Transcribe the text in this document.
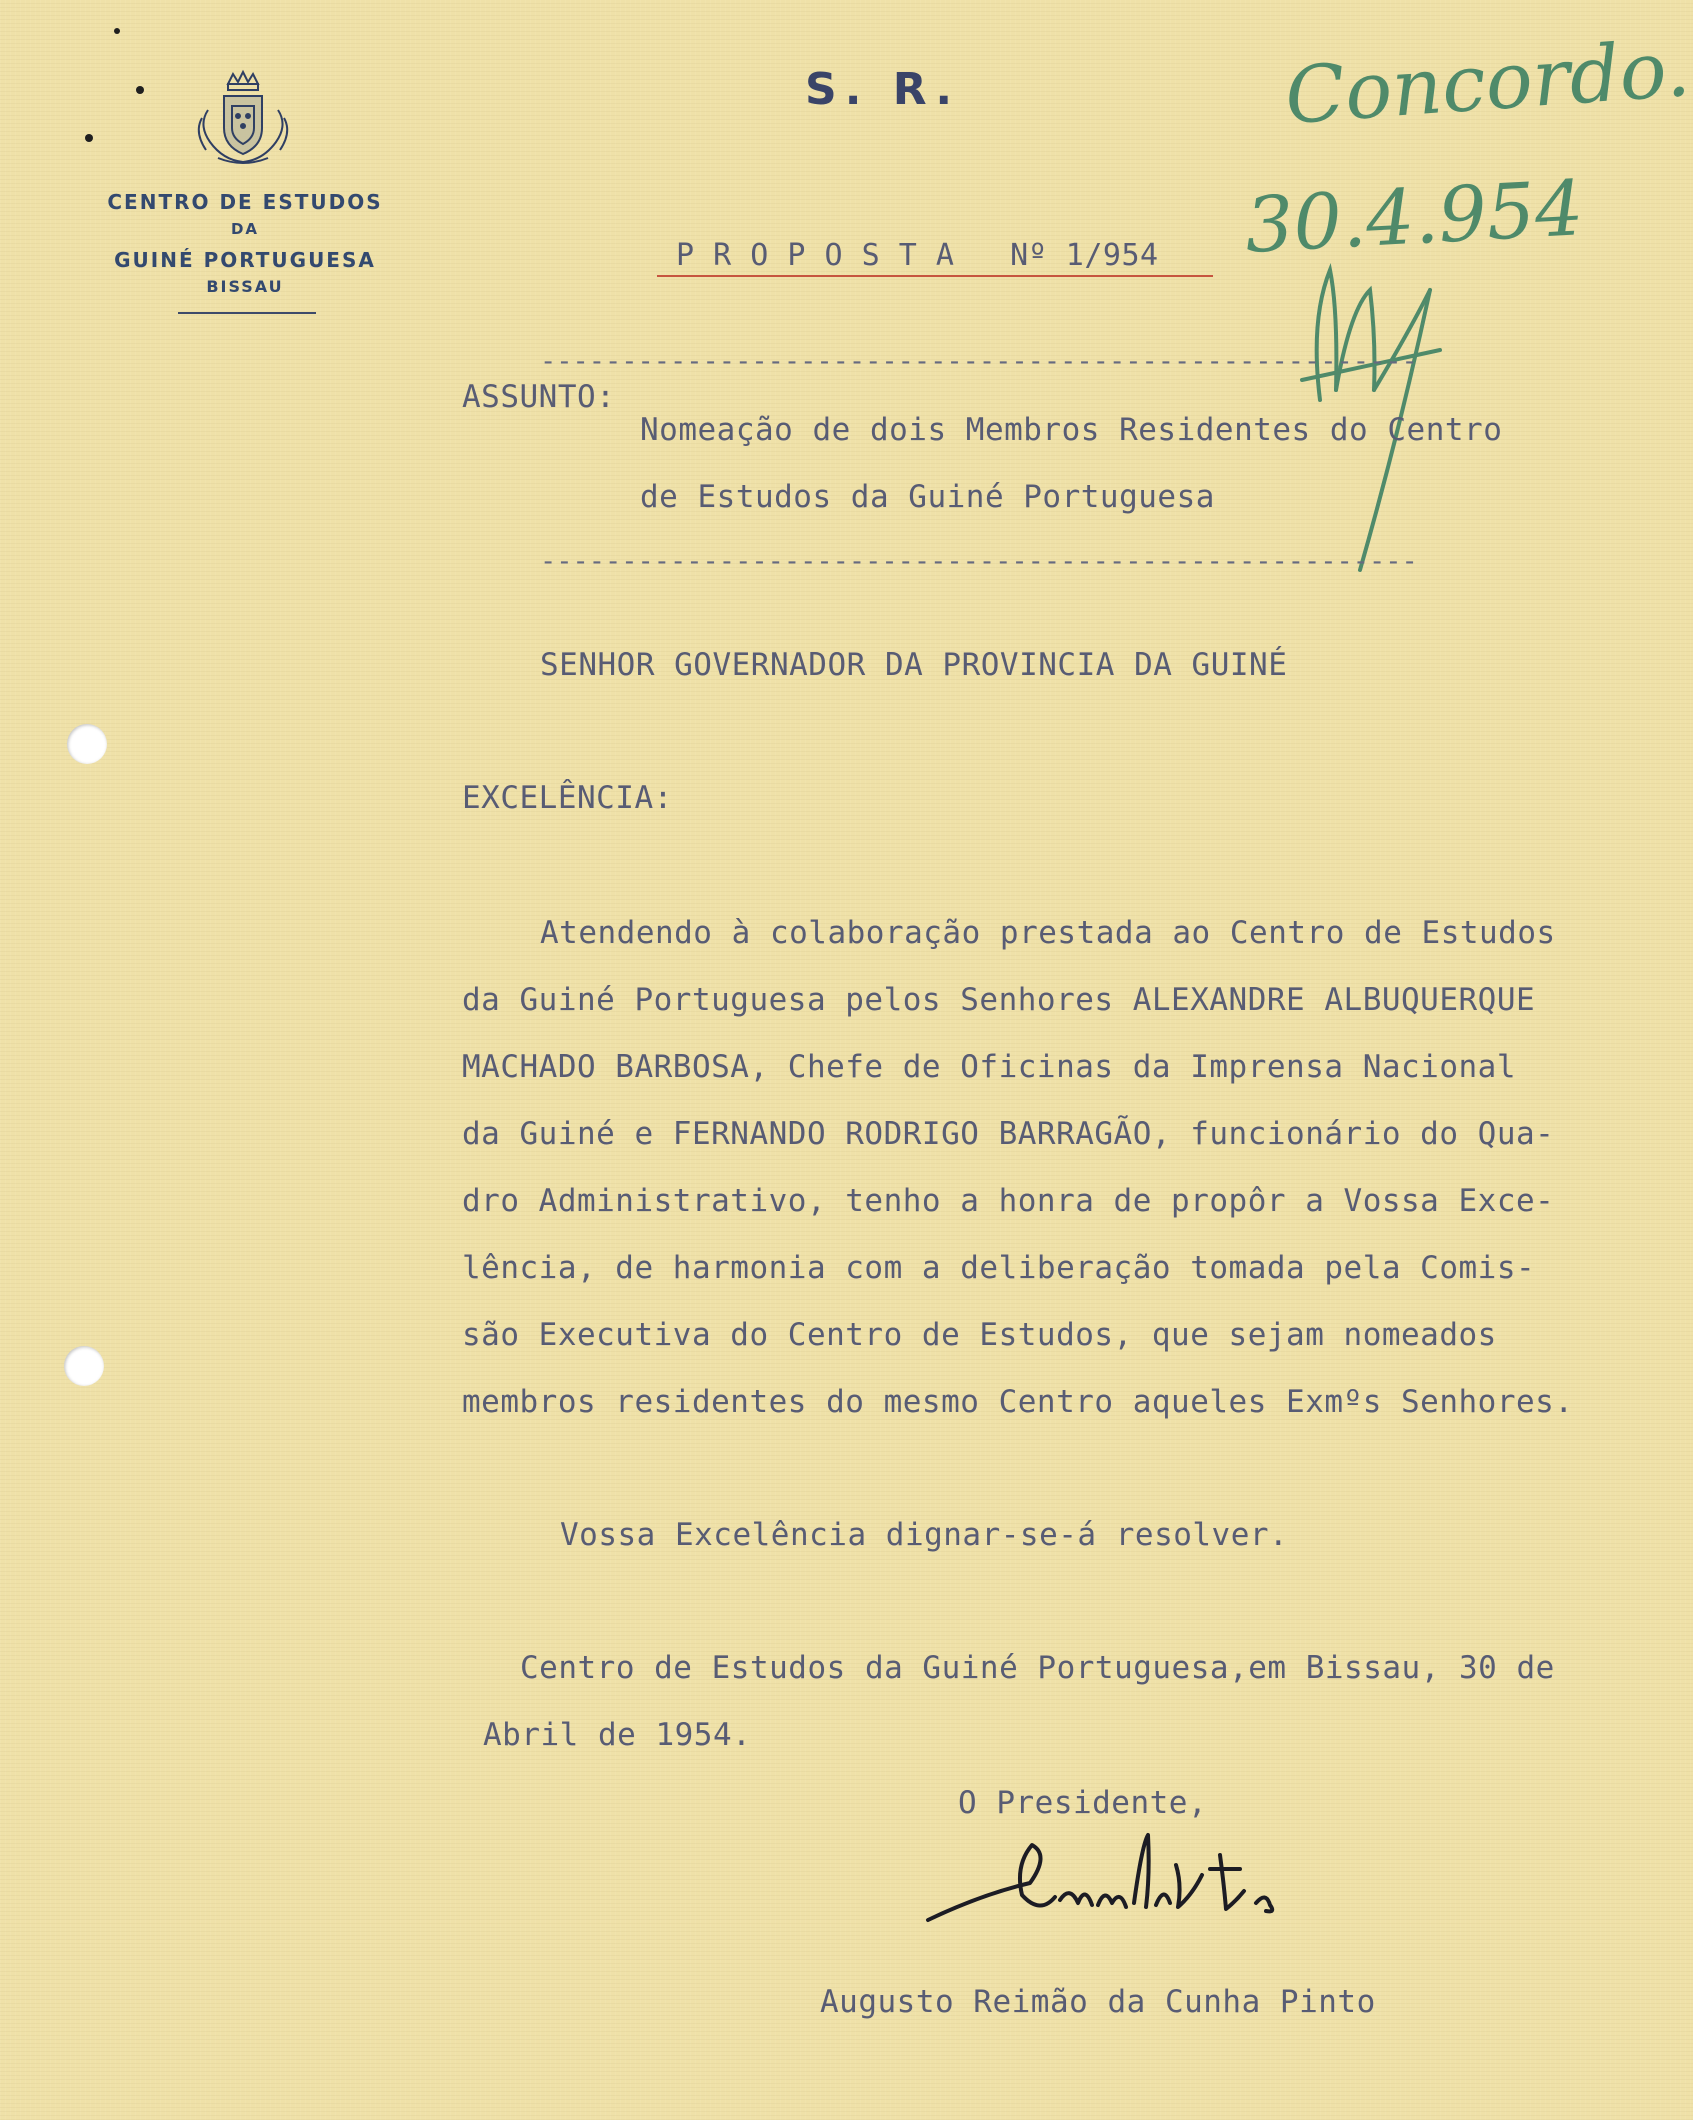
CENTRO DE ESTUDOS
DA
GUINÉ PORTUGUESA
BISSAU
S. R.
P R O P O S T A   Nº 1/954
Concordo.
30.4.954
------------------------------------------------------
ASSUNTO:
Nomeação de dois Membros Residentes do Centro
de Estudos da Guiné Portuguesa
------------------------------------------------------
SENHOR GOVERNADOR DA PROVINCIA DA GUINÉ
EXCELÊNCIA:
Atendendo à colaboração prestada ao Centro de Estudos
da Guiné Portuguesa pelos Senhores ALEXANDRE ALBUQUERQUE
MACHADO BARBOSA, Chefe de Oficinas da Imprensa Nacional
da Guiné e FERNANDO RODRIGO BARRAGÃO, funcionário do Qua-
dro Administrativo, tenho a honra de propôr a Vossa Exce-
lência, de harmonia com a deliberação tomada pela Comis-
são Executiva do Centro de Estudos, que sejam nomeados
membros residentes do mesmo Centro aqueles Exmºs Senhores.
Vossa Excelência dignar-se-á resolver.
Centro de Estudos da Guiné Portuguesa,em Bissau, 30 de
Abril de 1954.
O Presidente,
Augusto Reimão da Cunha Pinto
